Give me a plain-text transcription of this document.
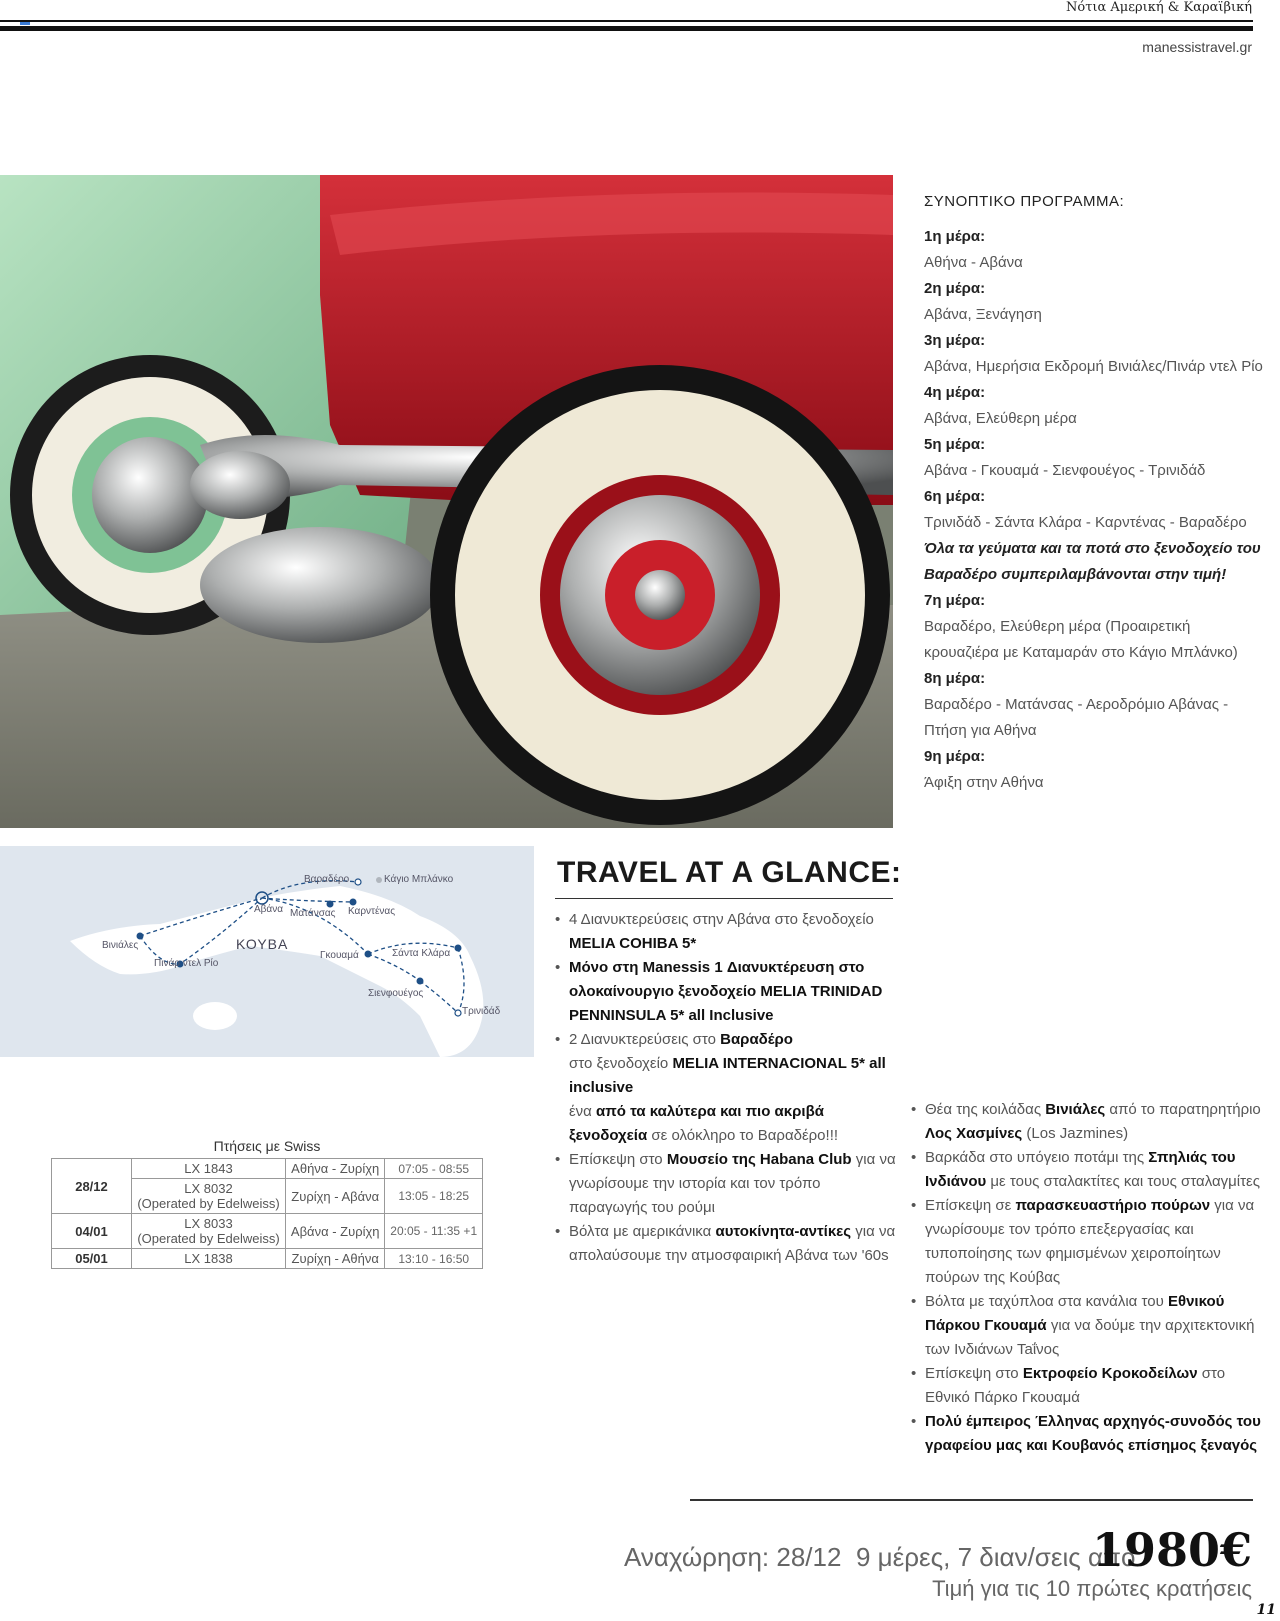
Νότια Αμερική & Καραϊβική
manessistravel.gr
ΣΥΝΟΠΤΙΚΟ ΠΡΟΓΡΑΜΜΑ:
1η μέρα:
Αθήνα - Αβάνα
2η μέρα:
Αβάνα, Ξενάγηση
3η μέρα:
Αβάνα, Ημερήσια Εκδρομή Βινιάλες/Πινάρ ντελ Ρίο
4η μέρα:
Αβάνα, Ελεύθερη μέρα
5η μέρα:
Αβάνα - Γκουαμά - Σιενφουέγος - Τρινιδάδ
6η μέρα:
Τρινιδάδ - Σάντα Κλάρα - Καρντένας - Βαραδέρο
Όλα τα γεύματα και τα ποτά στο ξενοδοχείο του Βαραδέρο συμπεριλαμβάνονται στην τιμή!
7η μέρα:
Βαραδέρο, Ελεύθερη μέρα (Προαιρετική κρουαζιέρα με Καταμαράν στο Κάγιο Μπλάνκο)
8η μέρα:
Βαραδέρο - Ματάνσας - Αεροδρόμιο Αβάνας - Πτήση για Αθήνα
9η μέρα:
Άφιξη στην Αθήνα
Βαραδέρο	Κάγιο Μπλάνκο
Αβάνα Ματάνσας Καρντένας
Βινιάλες
Πινάρ ντελ Ρίο
Γκουαμά	Σάντα Κλάρα
Σιενφουέγος
Τρινιδάδ
ΚΟΥΒΑ
Πτήσεις με Swiss
28/12	LX 1843	Αθήνα - Ζυρίχη	07:05 - 08:55

	LX 8032
(Operated by Edelweiss)	Ζυρίχη - Αβάνα	13:05 - 18:25
04/01	LX 8033
(Operated by Edelweiss)	Αβάνα - Ζυρίχη	20:05 - 11:35 +1
05/01	LX 1838	Ζυρίχη - Αθήνα	13:10 - 16:50
TRAVEL AT A GLANCE:
• 4 Διανυκτερεύσεις στην Αβάνα στο ξενοδοχείο
MELIA COHIBA 5*
• Μόνο στη Manessis 1 Διανυκτέρευση στο ολοκαίνουργιο ξενοδοχείο MELIA TRINIDAD PENNINSULA 5* all Inclusive
• 2 Διανυκτερεύσεις στο Βαραδέρο
στο ξενοδοχείο MELIA INTERNACIONAL 5* all inclusive
ένα από τα καλύτερα και πιο ακριβά ξενοδοχεία σε ολόκληρο το Βαραδέρο!!!
• Επίσκεψη στο Μουσείο της Habana Club για να γνωρίσουμε την ιστορία και τον τρόπο παραγωγής του ρούμι
• Βόλτα με αμερικάνικα αυτοκίνητα-αντίκες για να απολαύσουμε την ατμοσφαιρική Αβάνα των '60s
• Θέα της κοιλάδας Βινιάλες από το παρατηρητήριο Λος Χασμίνες (Los Jazmines)
• Βαρκάδα στο υπόγειο ποτάμι της Σπηλιάς του Ινδιάνου με τους σταλακτίτες και τους σταλαγμίτες
• Επίσκεψη σε παρασκευαστήριο πούρων για να γνωρίσουμε τον τρόπο επεξεργασίας και τυποποίησης των φημισμένων χειροποίητων πούρων της Κούβας
• Βόλτα με ταχύπλοα στα κανάλια του Εθνικού Πάρκου Γκουαμά για να δούμε την αρχιτεκτονική των Ινδιάνων Taΐνος
• Επίσκεψη στο Εκτροφείο Κροκοδείλων στο Εθνικό Πάρκο Γκουαμά
• Πολύ έμπειρος Έλληνας αρχηγός-συνοδός του γραφείου μας και Κουβανός επίσημος ξεναγός
Αναχώρηση: 28/12 9 μέρες, 7 διαν/σεις από
1980€
Τιμή για τις 10 πρώτες κρατήσεις
11
